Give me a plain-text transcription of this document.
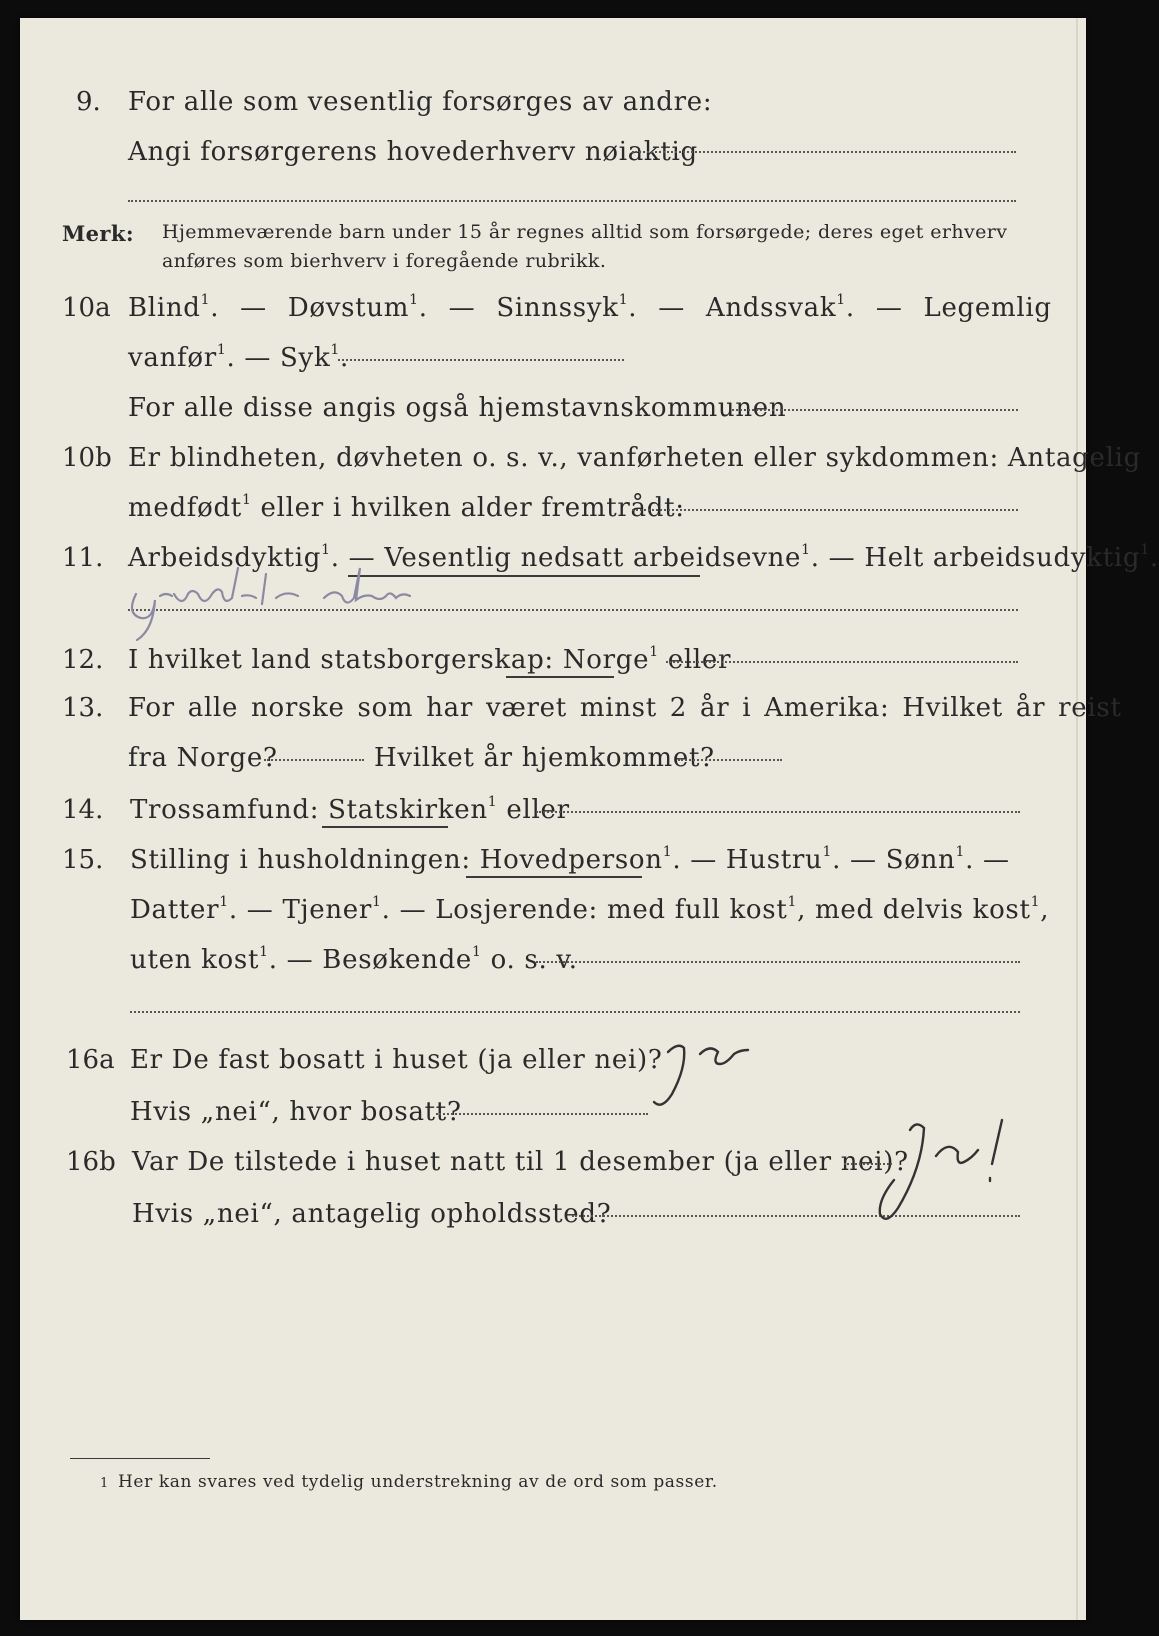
9. For alle som vesentlig forsørges av andre:
Angi forsørgerens hovederhverv nøiaktig
Merk: Hjemmeværende barn under 15 år regnes alltid som forsørgede; deres eget erhverv
anføres som bierhverv i foregående rubrikk.
10a Blind$^1$. — Døvstum$^1$. — Sinnssyk$^1$. — Andssvak$^1$. — Legemlig
vanfør$^1$. — Syk$^1$.
For alle disse angis også hjemstavnskommunen
10b Er blindheten, døvheten o. s. v., vanførheten eller sykdommen: Antagelig
medfødt$^1$ eller i hvilken alder fremtrådt:
11. Arbeidsdyktig$^1$. — Vesentlig nedsatt arbeidsevne$^1$. — Helt arbeidsudyktig$^1$.
12. I hvilket land statsborgerskap: Norge$^1$ eller
13. For alle norske som har været minst 2 år i Amerika: Hvilket år reist
fra Norge?	Hvilket år hjemkommet?
14. Trossamfund: Statskirken$^1$ eller
15. Stilling i husholdningen: Hovedperson$^1$. — Hustru$^1$. — Sønn$^1$. —
Datter$^1$. — Tjener$^1$. — Losjerende: med full kost$^1$, med delvis kost$^1$,
uten kost$^1$. — Besøkende$^1$ o. s. v.
16a Er De fast bosatt i huset (ja eller nei)?
Hvis „nei“, hvor bosatt?
16b Var De tilstede i huset natt til 1 desember (ja eller nei)?
Hvis „nei“, antagelig opholdssted?
1 Her kan svares ved tydelig understrekning av de ord som passer.
